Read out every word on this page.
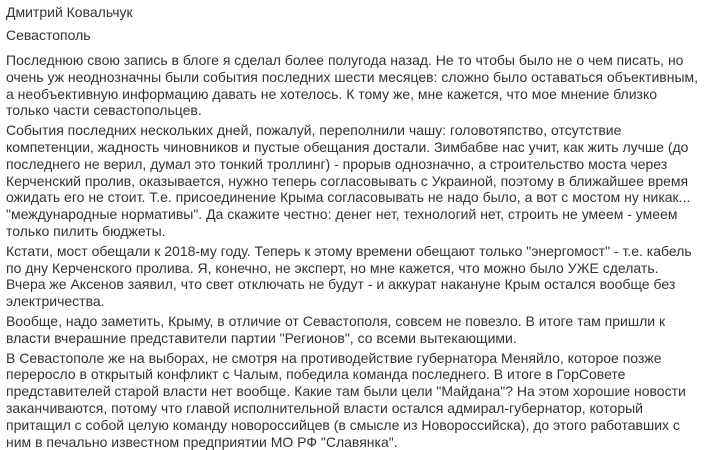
Дмитрий Ковальчук
Севастополь
Последнюю свою запись в блоге я сделал более полугода назад. Не то чтобы было не о чем писать, но
очень уж неоднозначны были события последних шести месяцев: сложно было оставаться объективным,
а необъективную информацию давать не хотелось. К тому же, мне кажется, что мое мнение близко
только части севастопольцев.
События последних нескольких дней, пожалуй, переполнили чашу: головотяпство, отсутствие
компетенции, жадность чиновников и пустые обещания достали. Зимбабве нас учит, как жить лучше (до
последнего не верил, думал это тонкий троллинг) - прорыв однозначно, а строительство моста через
Керченский пролив, оказывается, нужно теперь согласовывать с Украиной, поэтому в ближайшее время
ожидать его не стоит. Т.е. присоединение Крыма согласовывать не надо было, а вот с мостом ну никак...
"международные нормативы". Да скажите честно: денег нет, технологий нет, строить не умеем - умеем
только пилить бюджеты.
Кстати, мост обещали к 2018-му году. Теперь к этому времени обещают только "энергомост" - т.е. кабель
по дну Керченского пролива. Я, конечно, не эксперт, но мне кажется, что можно было УЖЕ сделать.
Вчера же Аксенов заявил, что свет отключать не будут - и аккурат накануне Крым остался вообще без
электричества.
Вообще, надо заметить, Крыму, в отличие от Севастополя, совсем не повезло. В итоге там пришли к
власти вчерашние представители партии "Регионов", со всеми вытекающими.
В Севастополе же на выборах, не смотря на противодействие губернатора Меняйло, которое позже
переросло в открытый конфликт с Чалым, победила команда последнего. В итоге в ГорСовете
представителей старой власти нет вообще. Какие там были цели "Майдана"? На этом хорошие новости
заканчиваются, потому что главой исполнительной власти остался адмирал-губернатор, который
притащил с собой целую команду новороссийцев (в смысле из Новороссийска), до этого работавших с
ним в печально известном предприятии МО РФ "Славянка".
